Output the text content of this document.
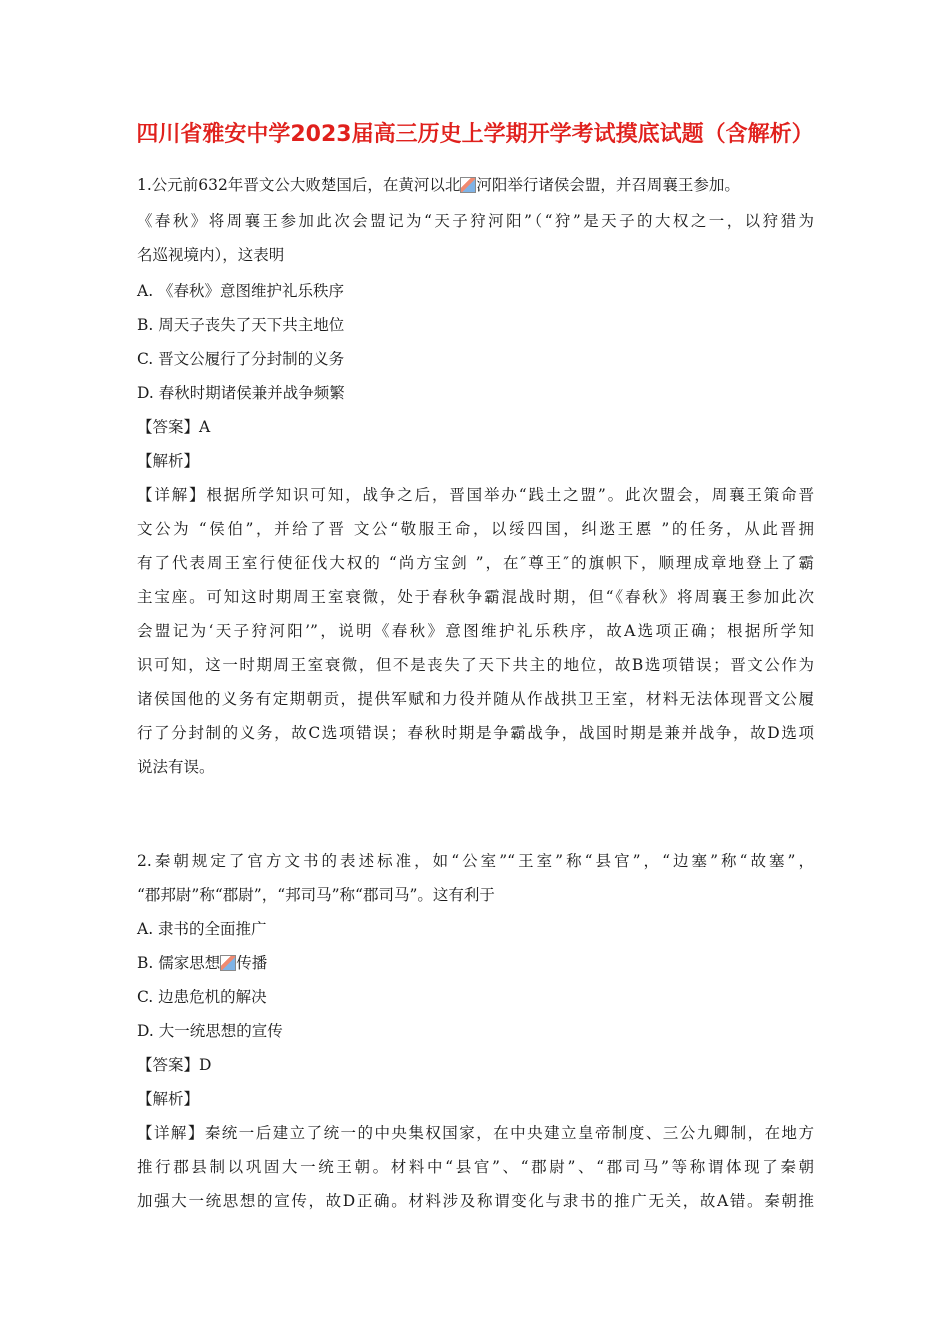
四川省雅安中学2023届高三历史上学期开学考试摸底试题（含解析）
1.公元前632年晋文公大败楚国后，在黄河以北 河阳举行诸侯会盟，并召周襄王参加。
《春秋》将周襄王参加此次会盟记为“天子狩河阳”（“狩”是天子的大权之一，以狩猎为
名巡视境内），这表明
A. 《春秋》意图维护礼乐秩序
B. 周天子丧失了天下共主地位
C. 晋文公履行了分封制的义务
D. 春秋时期诸侯兼并战争频繁
【答案】A
【解析】
【详解】根据所学知识可知，战争之后，晋国举办“践土之盟”。此次盟会，周襄王策命晋
文公为 “侯伯”，并给了晋 文公“敬服王命，以绥四国，纠逖王慝 ”的任务，从此晋拥
有了代表周王室行使征伐大权的 “尚方宝剑 ”，在″尊王″的旗帜下，顺理成章地登上了霸
主宝座。可知这时期周王室衰微，处于春秋争霸混战时期，但“《春秋》将周襄王参加此次
会盟记为‘天子狩河阳’”，说明《春秋》意图维护礼乐秩序，故A选项正确；根据所学知
识可知，这一时期周王室衰微，但不是丧失了天下共主的地位，故B选项错误；晋文公作为
诸侯国他的义务有定期朝贡，提供军赋和力役并随从作战拱卫王室，材料无法体现晋文公履
行了分封制的义务，故C选项错误；春秋时期是争霸战争，战国时期是兼并战争，故D选项
说法有误。
2.秦朝规定了官方文书的表述标准，如“公室”“王室”称“县官”，“边塞”称“故塞”，
“郡邦尉”称“郡尉”，“邦司马”称“郡司马”。这有利于
A. 隶书的全面推广
B. 儒家思想 传播
C. 边患危机的解决
D. 大一统思想的宣传
【答案】D
【解析】
【详解】秦统一后建立了统一的中央集权国家，在中央建立皇帝制度、三公九卿制，在地方
推行郡县制以巩固大一统王朝。材料中“县官”、“郡尉”、“郡司马”等称谓体现了秦朝
加强大一统思想的宣传，故D正确。材料涉及称谓变化与隶书的推广无关，故A错。秦朝推
